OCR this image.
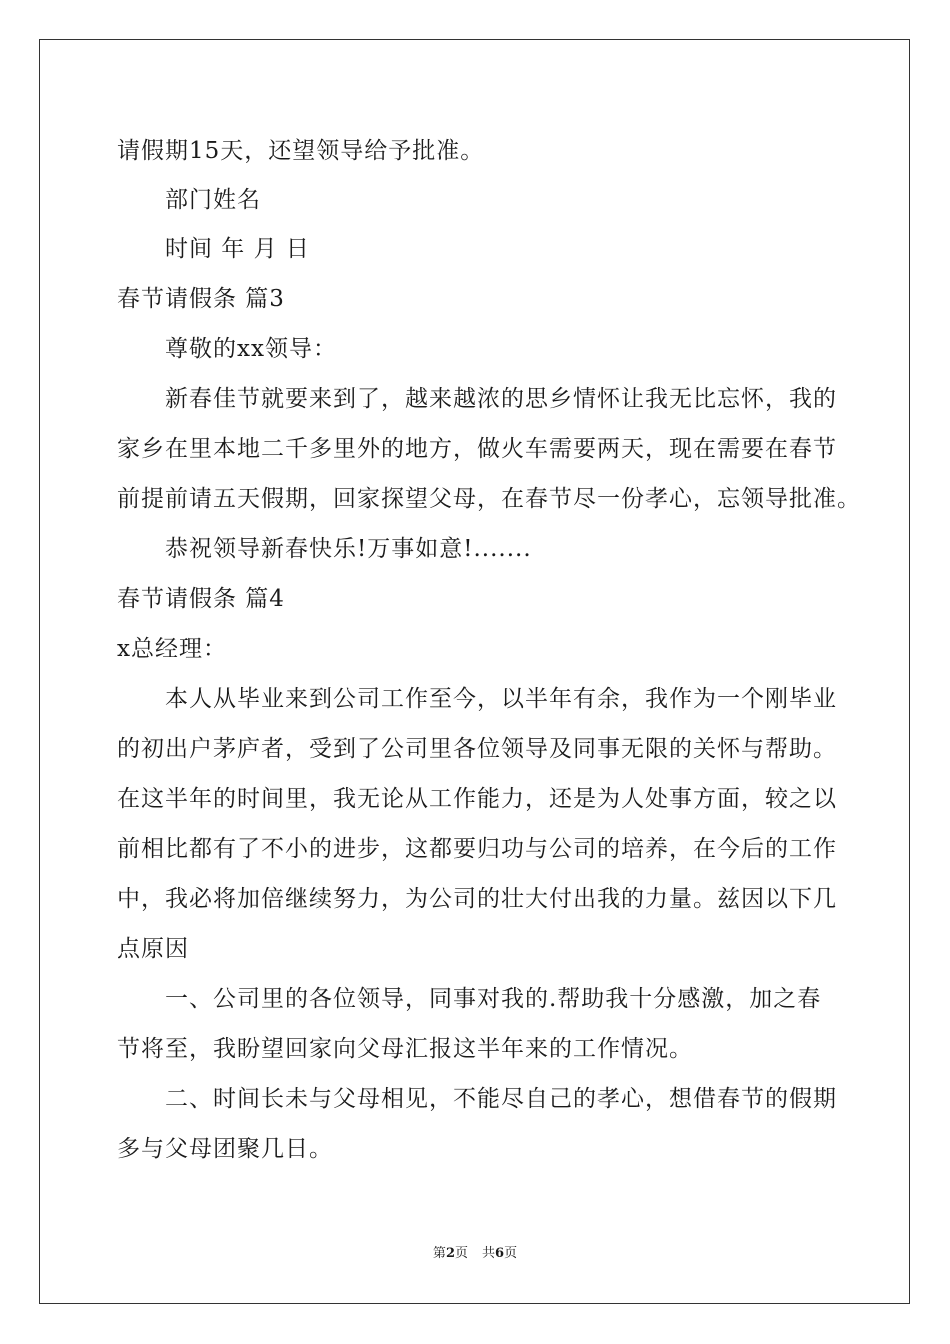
请假期15天，还望领导给予批准。
部门姓名
时间 年 月 日
春节请假条 篇3
尊敬的xx领导：
新春佳节就要来到了，越来越浓的思乡情怀让我无比忘怀，我的
家乡在里本地二千多里外的地方，做火车需要两天，现在需要在春节
前提前请五天假期，回家探望父母，在春节尽一份孝心，忘领导批准。
恭祝领导新春快乐!万事如意!.......
春节请假条 篇4
x总经理：
本人从毕业来到公司工作至今，以半年有余，我作为一个刚毕业
的初出户茅庐者，受到了公司里各位领导及同事无限的关怀与帮助。
在这半年的时间里，我无论从工作能力，还是为人处事方面，较之以
前相比都有了不小的进步，这都要归功与公司的培养，在今后的工作
中，我必将加倍继续努力，为公司的壮大付出我的力量。兹因以下几
点原因
一、公司里的各位领导，同事对我的.帮助我十分感激，加之春
节将至，我盼望回家向父母汇报这半年来的工作情况。
二、时间长未与父母相见，不能尽自己的孝心，想借春节的假期
多与父母团聚几日。
第2页 共6页
